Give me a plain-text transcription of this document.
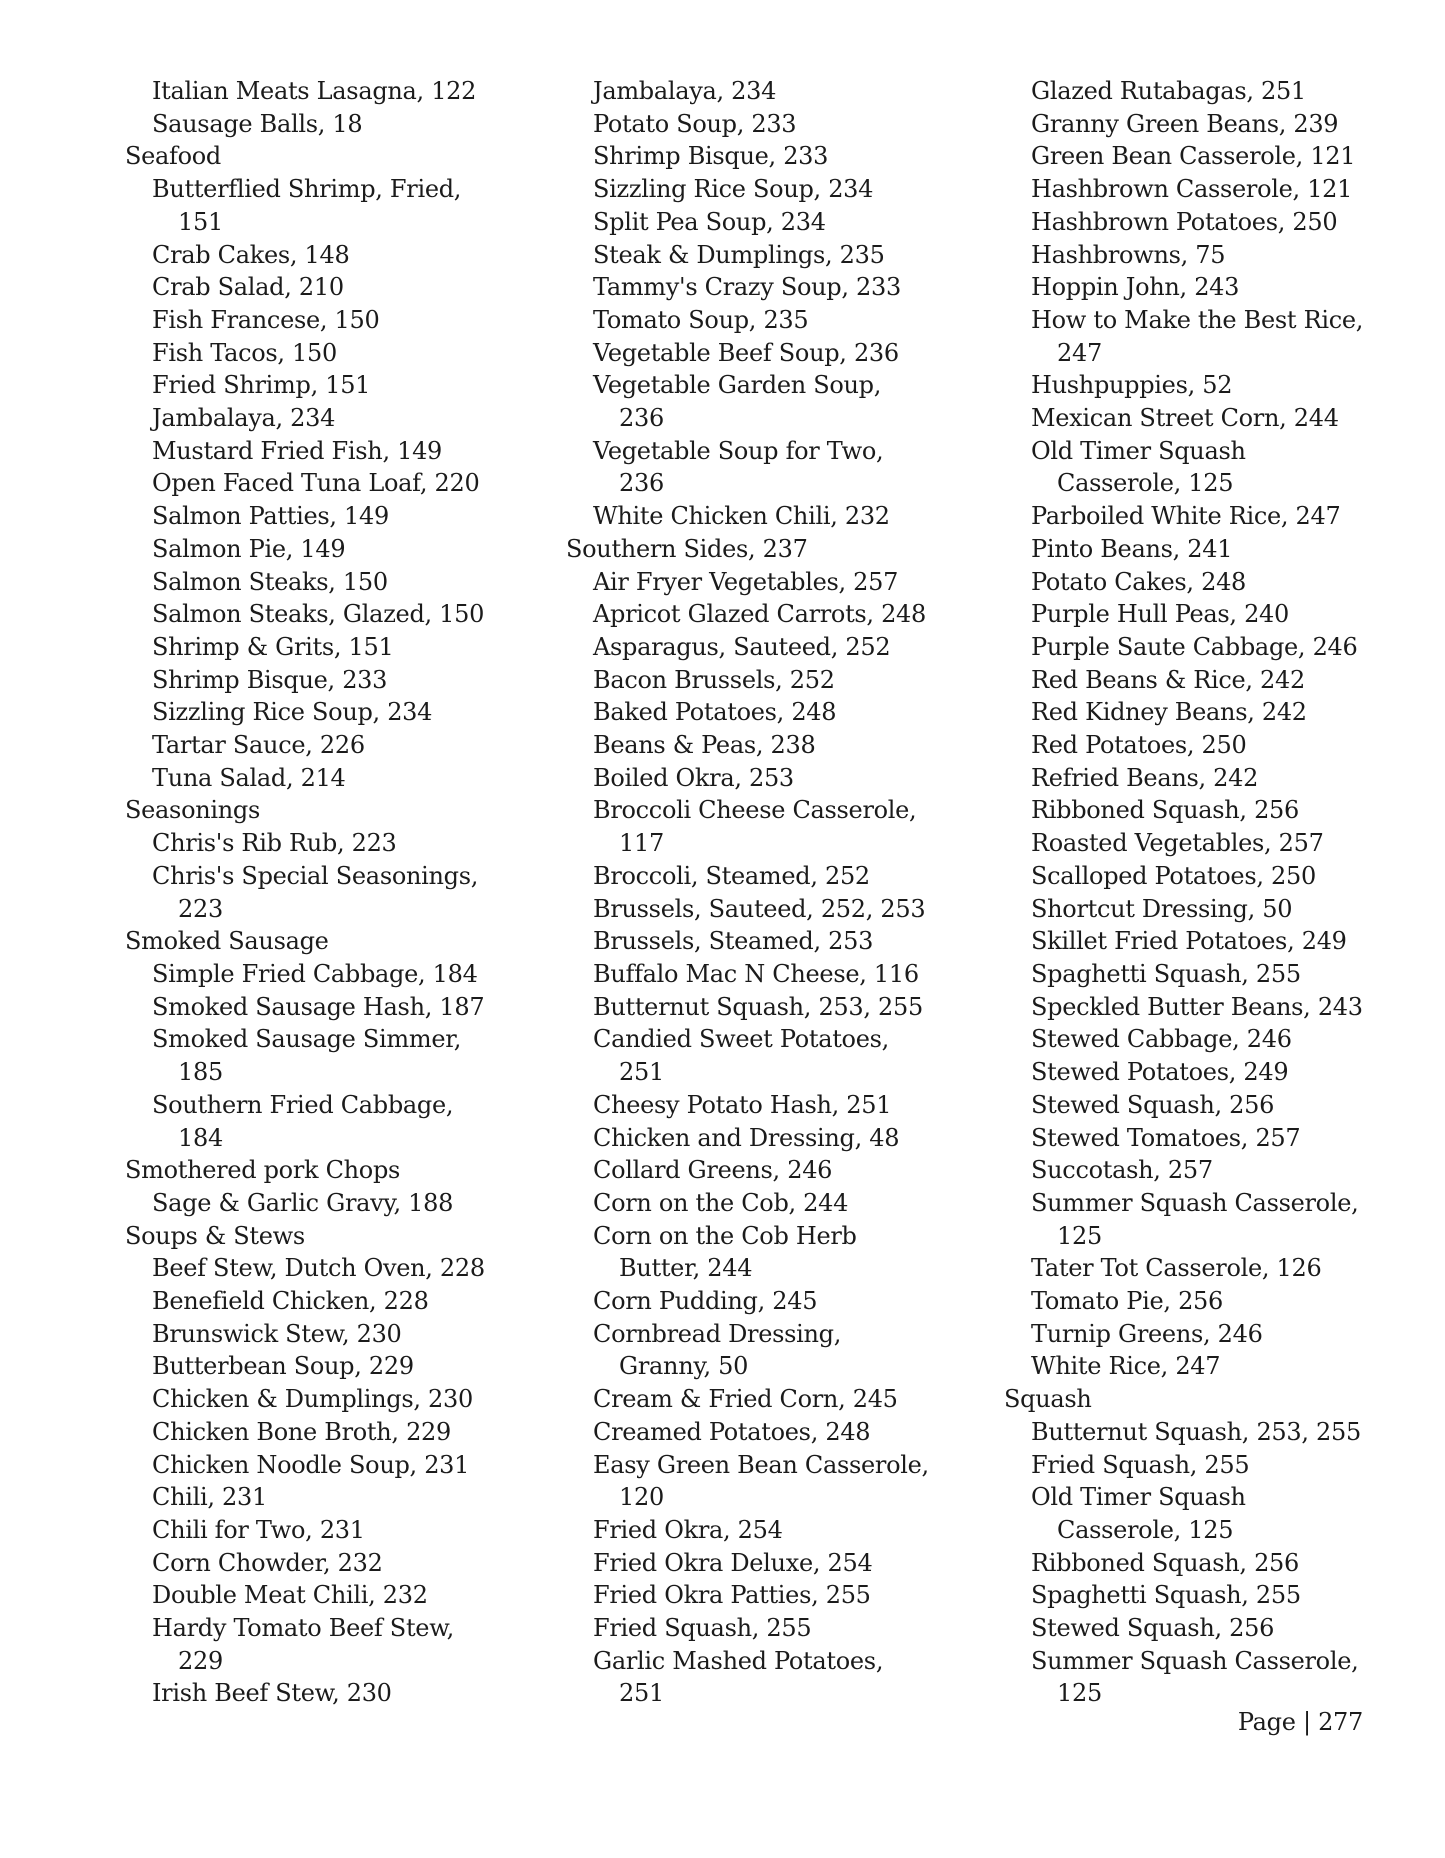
Italian Meats Lasagna, 122
Sausage Balls, 18
Seafood
Butterflied Shrimp, Fried,
151
Crab Cakes, 148
Crab Salad, 210
Fish Francese, 150
Fish Tacos, 150
Fried Shrimp, 151
Jambalaya, 234
Mustard Fried Fish, 149
Open Faced Tuna Loaf, 220
Salmon Patties, 149
Salmon Pie, 149
Salmon Steaks, 150
Salmon Steaks, Glazed, 150
Shrimp & Grits, 151
Shrimp Bisque, 233
Sizzling Rice Soup, 234
Tartar Sauce, 226
Tuna Salad, 214
Seasonings
Chris's Rib Rub, 223
Chris's Special Seasonings,
223
Smoked Sausage
Simple Fried Cabbage, 184
Smoked Sausage Hash, 187
Smoked Sausage Simmer,
185
Southern Fried Cabbage,
184
Smothered pork Chops
Sage & Garlic Gravy, 188
Soups & Stews
Beef Stew, Dutch Oven, 228
Benefield Chicken, 228
Brunswick Stew, 230
Butterbean Soup, 229
Chicken & Dumplings, 230
Chicken Bone Broth, 229
Chicken Noodle Soup, 231
Chili, 231
Chili for Two, 231
Corn Chowder, 232
Double Meat Chili, 232
Hardy Tomato Beef Stew,
229
Irish Beef Stew, 230
Jambalaya, 234
Potato Soup, 233
Shrimp Bisque, 233
Sizzling Rice Soup, 234
Split Pea Soup, 234
Steak & Dumplings, 235
Tammy's Crazy Soup, 233
Tomato Soup, 235
Vegetable Beef Soup, 236
Vegetable Garden Soup,
236
Vegetable Soup for Two,
236
White Chicken Chili, 232
Southern Sides, 237
Air Fryer Vegetables, 257
Apricot Glazed Carrots, 248
Asparagus, Sauteed, 252
Bacon Brussels, 252
Baked Potatoes, 248
Beans & Peas, 238
Boiled Okra, 253
Broccoli Cheese Casserole,
117
Broccoli, Steamed, 252
Brussels, Sauteed, 252, 253
Brussels, Steamed, 253
Buffalo Mac N Cheese, 116
Butternut Squash, 253, 255
Candied Sweet Potatoes,
251
Cheesy Potato Hash, 251
Chicken and Dressing, 48
Collard Greens, 246
Corn on the Cob, 244
Corn on the Cob Herb
Butter, 244
Corn Pudding, 245
Cornbread Dressing,
Granny, 50
Cream & Fried Corn, 245
Creamed Potatoes, 248
Easy Green Bean Casserole,
120
Fried Okra, 254
Fried Okra Deluxe, 254
Fried Okra Patties, 255
Fried Squash, 255
Garlic Mashed Potatoes,
251
Glazed Rutabagas, 251
Granny Green Beans, 239
Green Bean Casserole, 121
Hashbrown Casserole, 121
Hashbrown Potatoes, 250
Hashbrowns, 75
Hoppin John, 243
How to Make the Best Rice,
247
Hushpuppies, 52
Mexican Street Corn, 244
Old Timer Squash
Casserole, 125
Parboiled White Rice, 247
Pinto Beans, 241
Potato Cakes, 248
Purple Hull Peas, 240
Purple Saute Cabbage, 246
Red Beans & Rice, 242
Red Kidney Beans, 242
Red Potatoes, 250
Refried Beans, 242
Ribboned Squash, 256
Roasted Vegetables, 257
Scalloped Potatoes, 250
Shortcut Dressing, 50
Skillet Fried Potatoes, 249
Spaghetti Squash, 255
Speckled Butter Beans, 243
Stewed Cabbage, 246
Stewed Potatoes, 249
Stewed Squash, 256
Stewed Tomatoes, 257
Succotash, 257
Summer Squash Casserole,
125
Tater Tot Casserole, 126
Tomato Pie, 256
Turnip Greens, 246
White Rice, 247
Squash
Butternut Squash, 253, 255
Fried Squash, 255
Old Timer Squash
Casserole, 125
Ribboned Squash, 256
Spaghetti Squash, 255
Stewed Squash, 256
Summer Squash Casserole,
125
Page | 277
